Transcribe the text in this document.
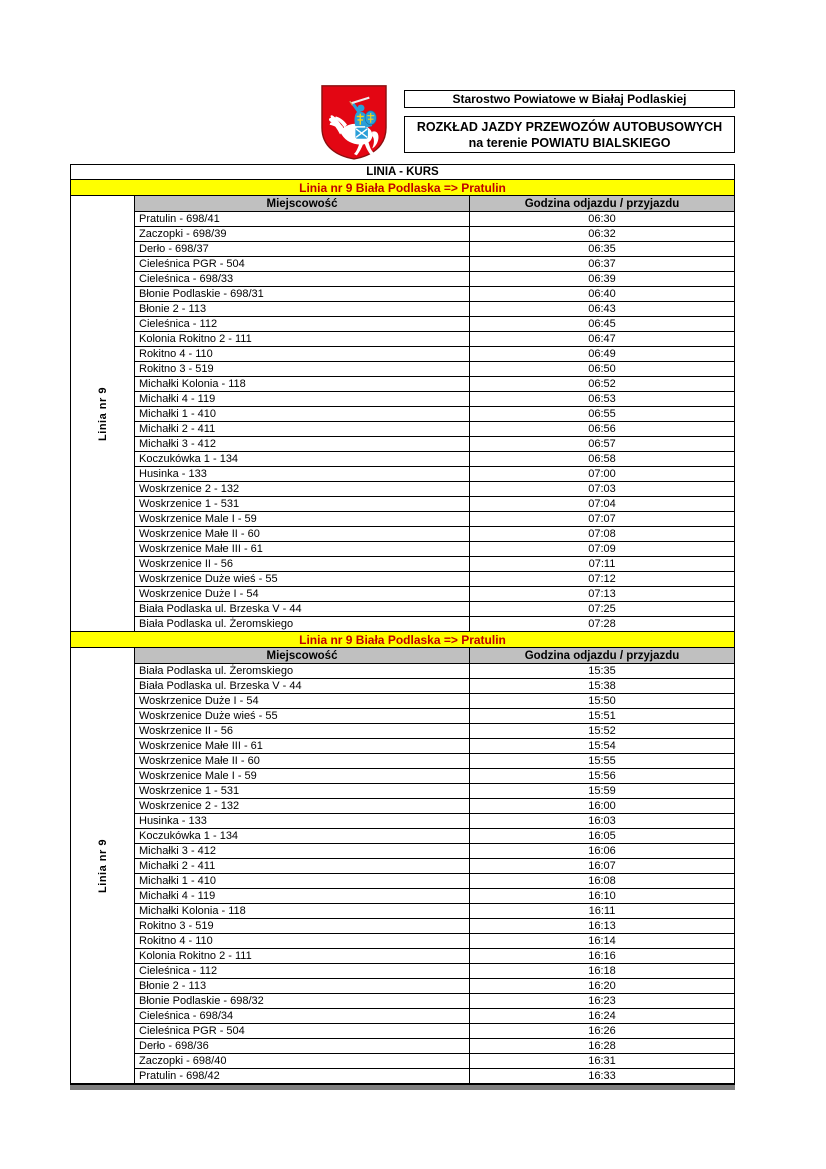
Starostwo Powiatowe w Białaj Podlaskiej
ROZKŁAD JAZDY PRZEWOZÓW AUTOBUSOWYCH
na terenie POWIATU BIALSKIEGO
LINIA - KURS
Linia nr 9 Biała Podlaska => Pratulin
Linia nr 9
Miejscowość	Godzina odjazdu / przyjazdu
Pratulin - 698/41	06:30
Zaczopki - 698/39	06:32
Derło - 698/37	06:35
Cieleśnica PGR - 504	06:37
Cieleśnica - 698/33	06:39
Błonie Podlaskie - 698/31	06:40
Błonie 2 - 113	06:43
Cieleśnica - 112	06:45
Kolonia Rokitno 2 - 111	06:47
Rokitno 4 - 110	06:49
Rokitno 3 - 519	06:50
Michałki Kolonia - 118	06:52
Michałki 4 - 119	06:53
Michałki 1 - 410	06:55
Michałki 2 - 411	06:56
Michałki 3 - 412	06:57
Koczukówka 1 - 134	06:58
Husinka - 133	07:00
Woskrzenice 2 - 132	07:03
Woskrzenice 1 - 531	07:04
Woskrzenice Male I - 59	07:07
Woskrzenice Małe II - 60	07:08
Woskrzenice Małe III - 61	07:09
Woskrzenice II - 56	07:11
Woskrzenice Duże wieś - 55	07:12
Woskrzenice Duże I - 54	07:13
Biała Podlaska ul. Brzeska V - 44	07:25
Biała Podlaska ul. Żeromskiego	07:28
Linia nr 9 Biała Podlaska => Pratulin
Linia nr 9
Miejscowość	Godzina odjazdu / przyjazdu
Biała Podlaska ul. Żeromskiego	15:35
Biała Podlaska ul. Brzeska V - 44	15:38
Woskrzenice Duże I - 54	15:50
Woskrzenice Duże wieś - 55	15:51
Woskrzenice II - 56	15:52
Woskrzenice Małe III - 61	15:54
Woskrzenice Małe II - 60	15:55
Woskrzenice Male I - 59	15:56
Woskrzenice 1 - 531	15:59
Woskrzenice 2 - 132	16:00
Husinka - 133	16:03
Koczukówka 1 - 134	16:05
Michałki 3 - 412	16:06
Michałki 2 - 411	16:07
Michałki 1 - 410	16:08
Michałki 4 - 119	16:10
Michałki Kolonia - 118	16:11
Rokitno 3 - 519	16:13
Rokitno 4 - 110	16:14
Kolonia Rokitno 2 - 111	16:16
Cieleśnica - 112	16:18
Błonie 2 - 113	16:20
Błonie Podlaskie - 698/32	16:23
Cieleśnica - 698/34	16:24
Cieleśnica PGR - 504	16:26
Derło - 698/36	16:28
Zaczopki - 698/40	16:31
Pratulin - 698/42	16:33
